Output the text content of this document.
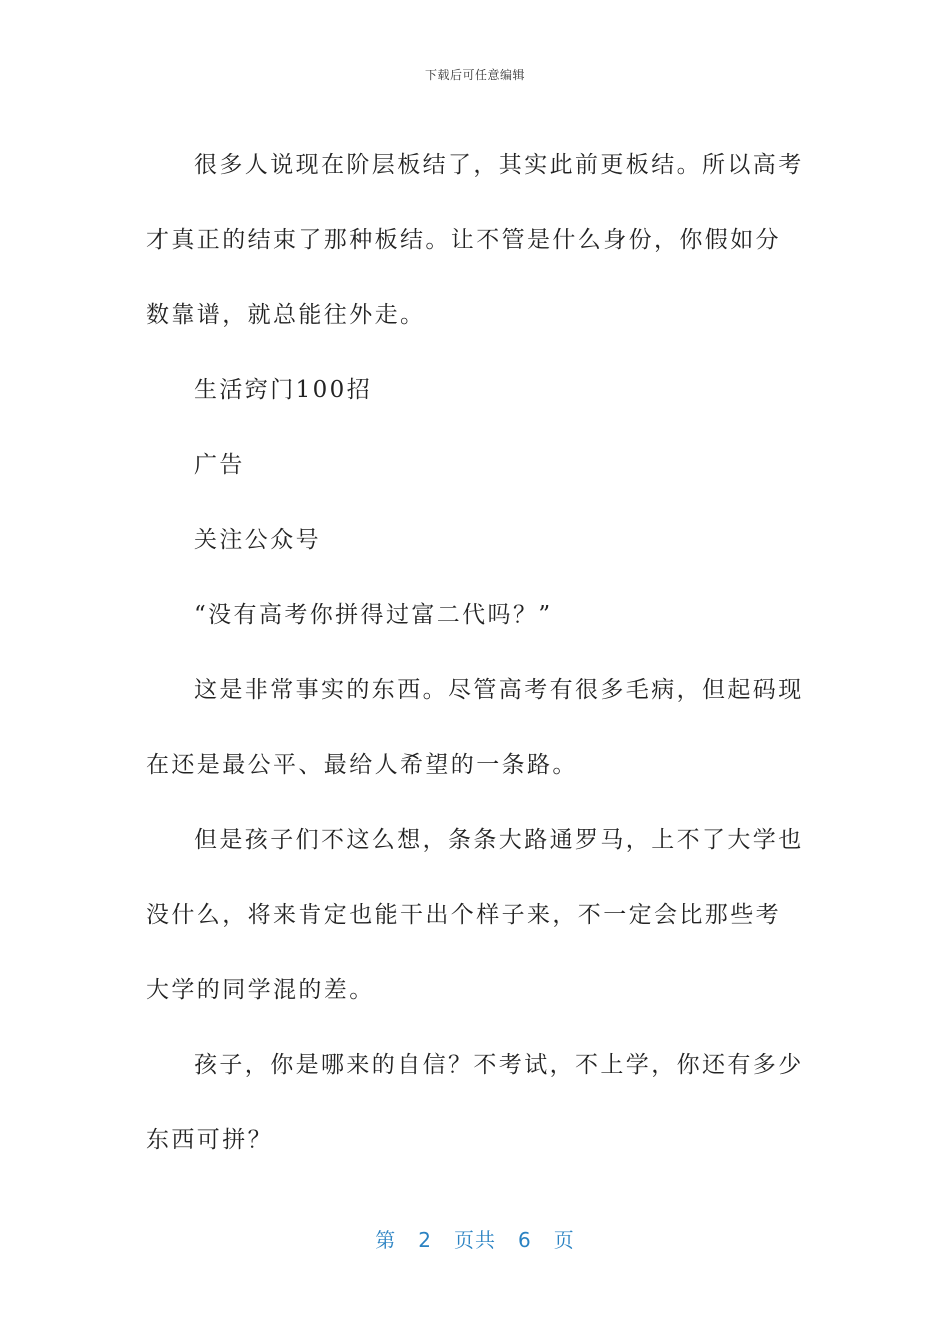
下载后可任意编辑

很多人说现在阶层板结了，其实此前更板结。所以高考才真正的结束了那种板结。让不管是什么身份，你假如分数靠谱，就总能往外走。

生活窍门100招

广告

关注公众号

“没有高考你拼得过富二代吗？”

这是非常事实的东西。尽管高考有很多毛病，但起码现在还是最公平、最给人希望的一条路。

但是孩子们不这么想，条条大路通罗马，上不了大学也没什么，将来肯定也能干出个样子来，不一定会比那些考大学的同学混的差。

孩子，你是哪来的自信？不考试，不上学，你还有多少东西可拼？

第 2 页共 6 页
